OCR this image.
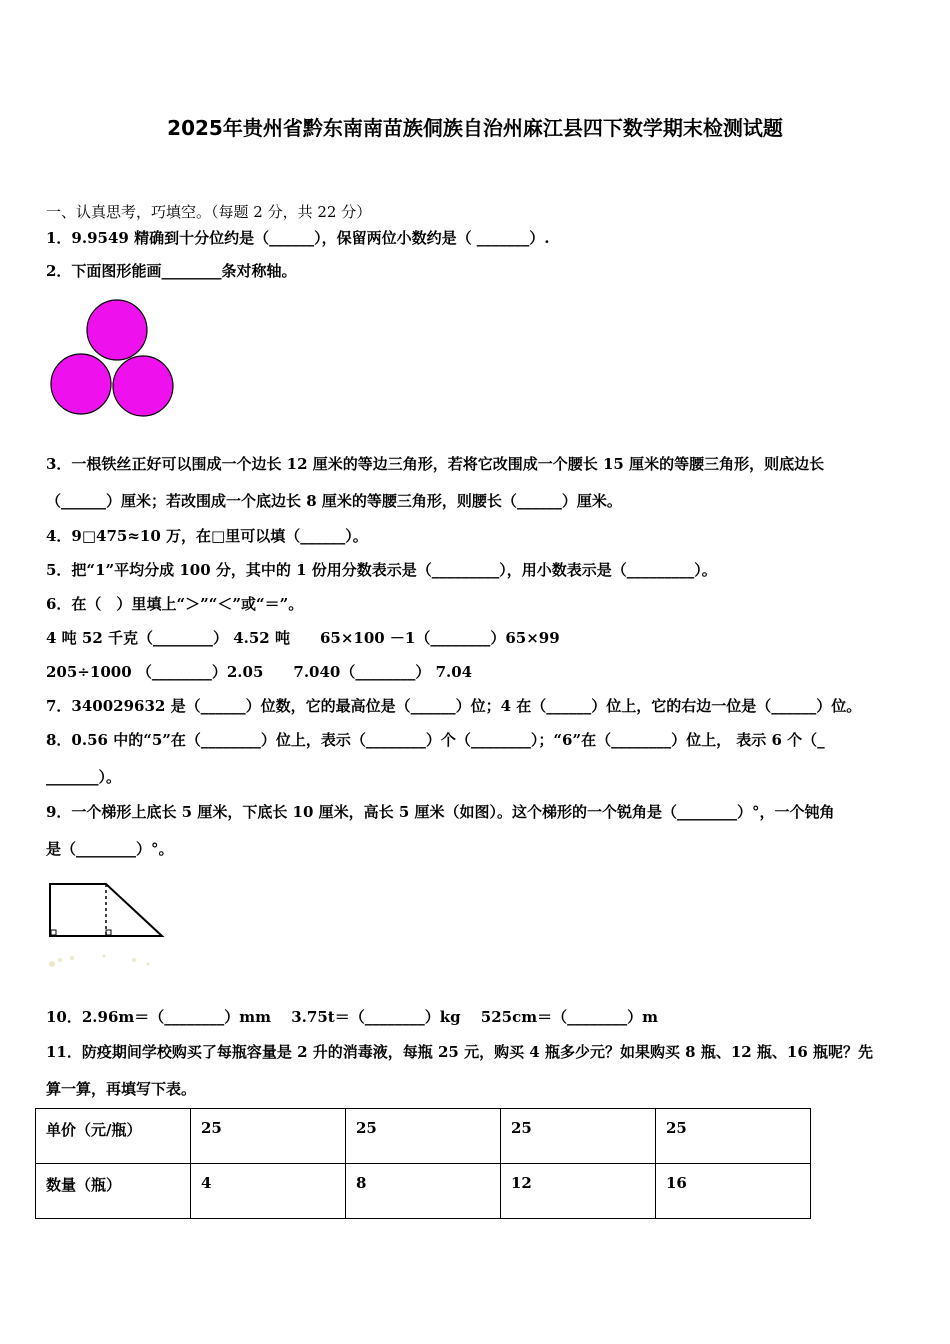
2025年贵州省黔东南南苗族侗族自治州麻江县四下数学期末检测试题
一、认真思考，巧填空。（每题 2 分，共 22 分）
1．9.9549 精确到十分位约是（______），保留两位小数约是（ _______）.
2．下面图形能画________条对称轴。
3．一根铁丝正好可以围成一个边长 12 厘米的等边三角形，若将它改围成一个腰长 15 厘米的等腰三角形，则底边长
（______）厘米；若改围成一个底边长 8 厘米的等腰三角形，则腰长（______）厘米。
4．9□475≈10 万，在□里可以填（______）。
5．把“1”平均分成 100 分，其中的 1 份用分数表示是（_________），用小数表示是（_________）。
6．在（　）里填上“＞”“＜”或“＝”。
4 吨 52 千克（________） 4.52 吨　　65×100 －1（________）65×99
205÷1000 （________）2.05　　7.040（________） 7.04
7．340029632 是（______）位数，它的最高位是（______）位；4 在（______）位上，它的右边一位是（______）位。
8．0.56 中的“5”在（________）位上，表示（________）个（________）；“6”在（________）位上， 表示 6 个（_
_______）。
9．一个梯形上底长 5 厘米，下底长 10 厘米，高长 5 厘米（如图）。这个梯形的一个锐角是（________）°，一个钝角
是（________）°。
10．2.96m＝（________）mm　 3.75t＝（________）kg　 525cm＝（________）m
11．防疫期间学校购买了每瓶容量是 2 升的消毒液，每瓶 25 元，购买 4 瓶多少元？如果购买 8 瓶、12 瓶、16 瓶呢？先
算一算，再填写下表。
单价（元/瓶）	25	25	25	25
数量（瓶）	4	8	12	16
